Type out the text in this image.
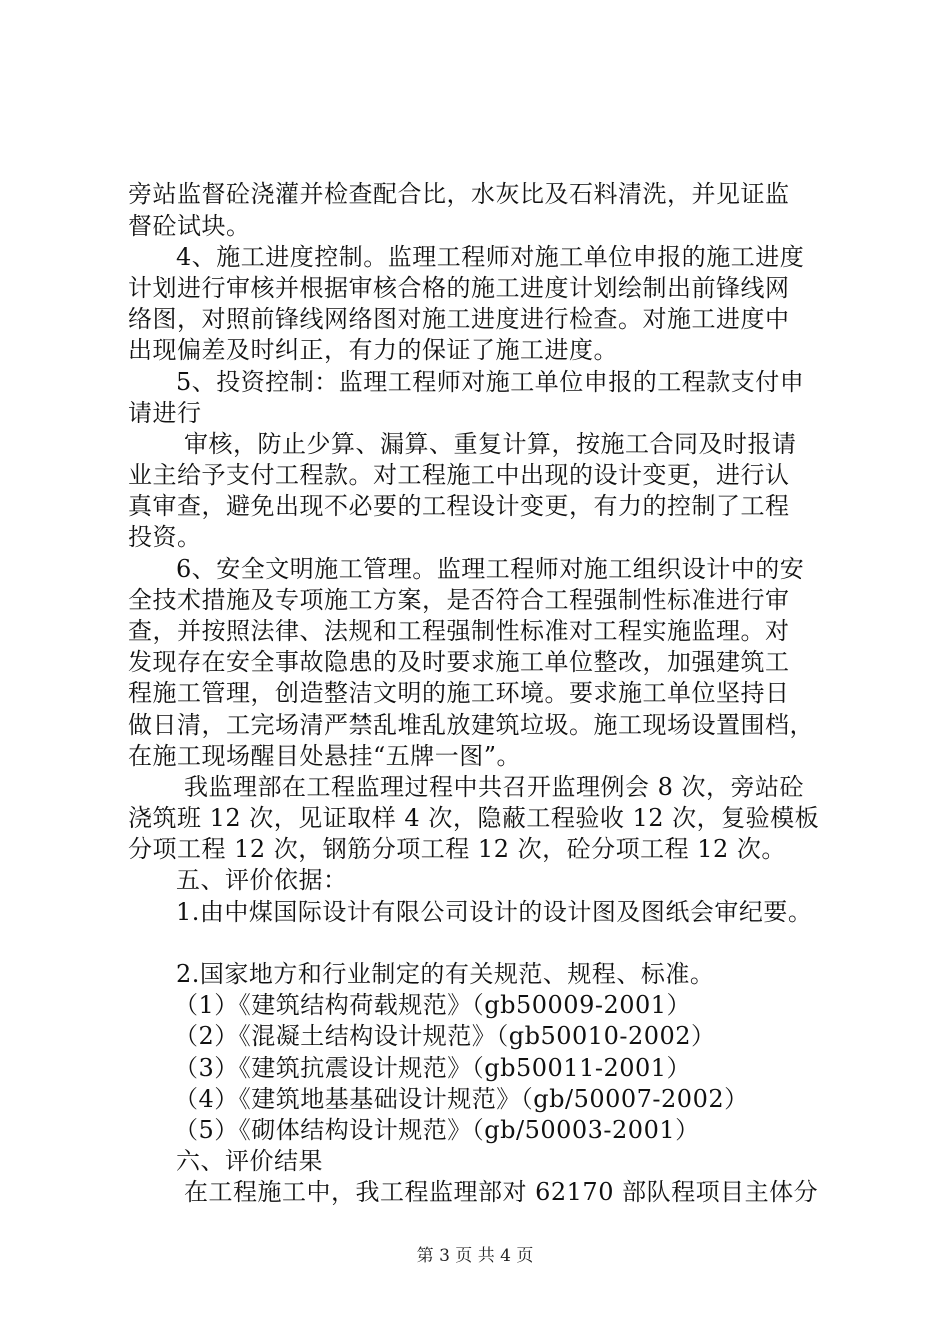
旁站监督砼浇灌并检查配合比，水灰比及石料清洗，并见证监
督砼试块。
4、施工进度控制。监理工程师对施工单位申报的施工进度
计划进行审核并根据审核合格的施工进度计划绘制出前锋线网
络图，对照前锋线网络图对施工进度进行检查。对施工进度中
出现偏差及时纠正，有力的保证了施工进度。
5、投资控制：监理工程师对施工单位申报的工程款支付申
请进行
审核，防止少算、漏算、重复计算，按施工合同及时报请
业主给予支付工程款。对工程施工中出现的设计变更，进行认
真审查，避免出现不必要的工程设计变更，有力的控制了工程
投资。
6、安全文明施工管理。监理工程师对施工组织设计中的安
全技术措施及专项施工方案，是否符合工程强制性标准进行审
查，并按照法律、法规和工程强制性标准对工程实施监理。对
发现存在安全事故隐患的及时要求施工单位整改，加强建筑工
程施工管理，创造整洁文明的施工环境。要求施工单位坚持日
做日清，工完场清严禁乱堆乱放建筑垃圾。施工现场设置围档，
在施工现场醒目处悬挂“五牌一图”。
我监理部在工程监理过程中共召开监理例会 8 次，旁站砼
浇筑班 12 次，见证取样 4 次，隐蔽工程验收 12 次，复验模板
分项工程 12 次，钢筋分项工程 12 次，砼分项工程 12 次。
五、评价依据：
1.由中煤国际设计有限公司设计的设计图及图纸会审纪要。
2.国家地方和行业制定的有关规范、规程、标准。
（1）《建筑结构荷载规范》（gb50009-2001）
（2）《混凝土结构设计规范》（gb50010-2002）
（3）《建筑抗震设计规范》（gb50011-2001）
（4）《建筑地基基础设计规范》（gb/50007-2002）
（5）《砌体结构设计规范》（gb/50003-2001）
六、评价结果
在工程施工中，我工程监理部对 62170 部队程项目主体分
第 3 页 共 4 页
